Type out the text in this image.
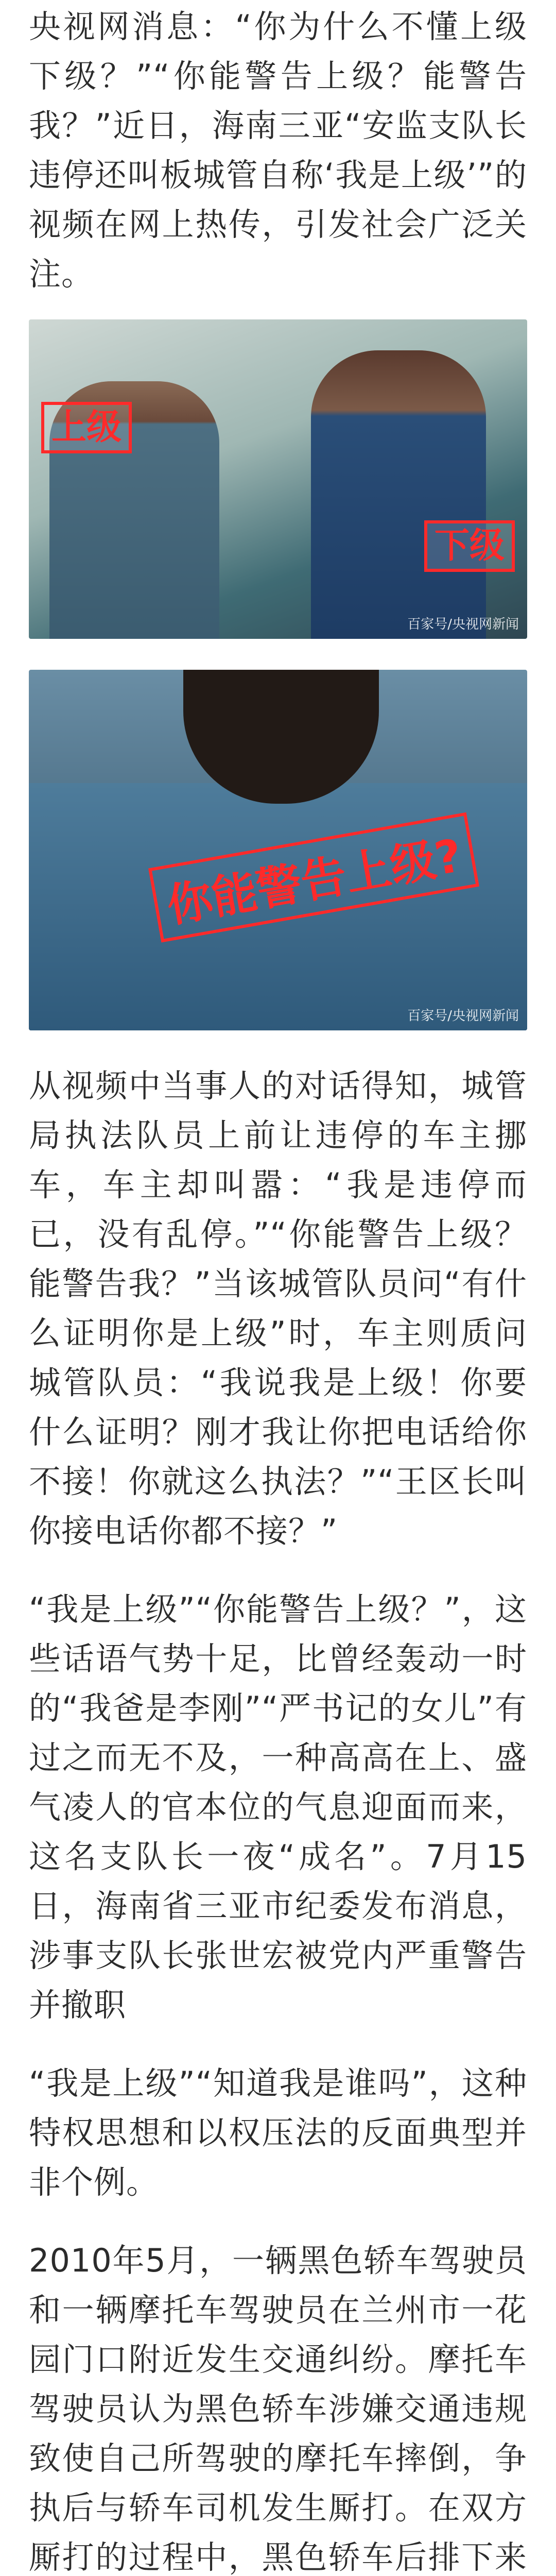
央视网消息：“你为什么不懂上级下级？”“你能警告上级？能警告我？”近日，海南三亚“安监支队长违停还叫板城管自称‘我是上级’”的视频在网上热传，引发社会广泛关注。

上级
下级
百家号/央视网新闻
你能警告上级?
百家号/央视网新闻

从视频中当事人的对话得知，城管局执法队员上前让违停的车主挪车，车主却叫嚣：“我是违停而已，没有乱停。”“你能警告上级？能警告我？”当该城管队员问“有什么证明你是上级”时，车主则质问城管队员：“我说我是上级！你要什么证明？刚才我让你把电话给你不接！你就这么执法？”“王区长叫你接电话你都不接？”

“我是上级”“你能警告上级？”，这些话语气势十足，比曾经轰动一时的“我爸是李刚”“严书记的女儿”有过之而无不及，一种高高在上、盛气凌人的官本位的气息迎面而来，这名支队长一夜“成名”。7月15日，海南省三亚市纪委发布消息，涉事支队长张世宏被党内严重警告并撤职

“我是上级”“知道我是谁吗”，这种特权思想和以权压法的反面典型并非个例。

2010年5月，一辆黑色轿车驾驶员和一辆摩托车驾驶员在兰州市一花园门口附近发生交通纠纷。摩托车驾驶员认为黑色轿车涉嫌交通违规致使自己所驾驶的摩托车摔倒，争执后与轿车司机发生厮打。在双方厮打的过程中，黑色轿车后排下来
